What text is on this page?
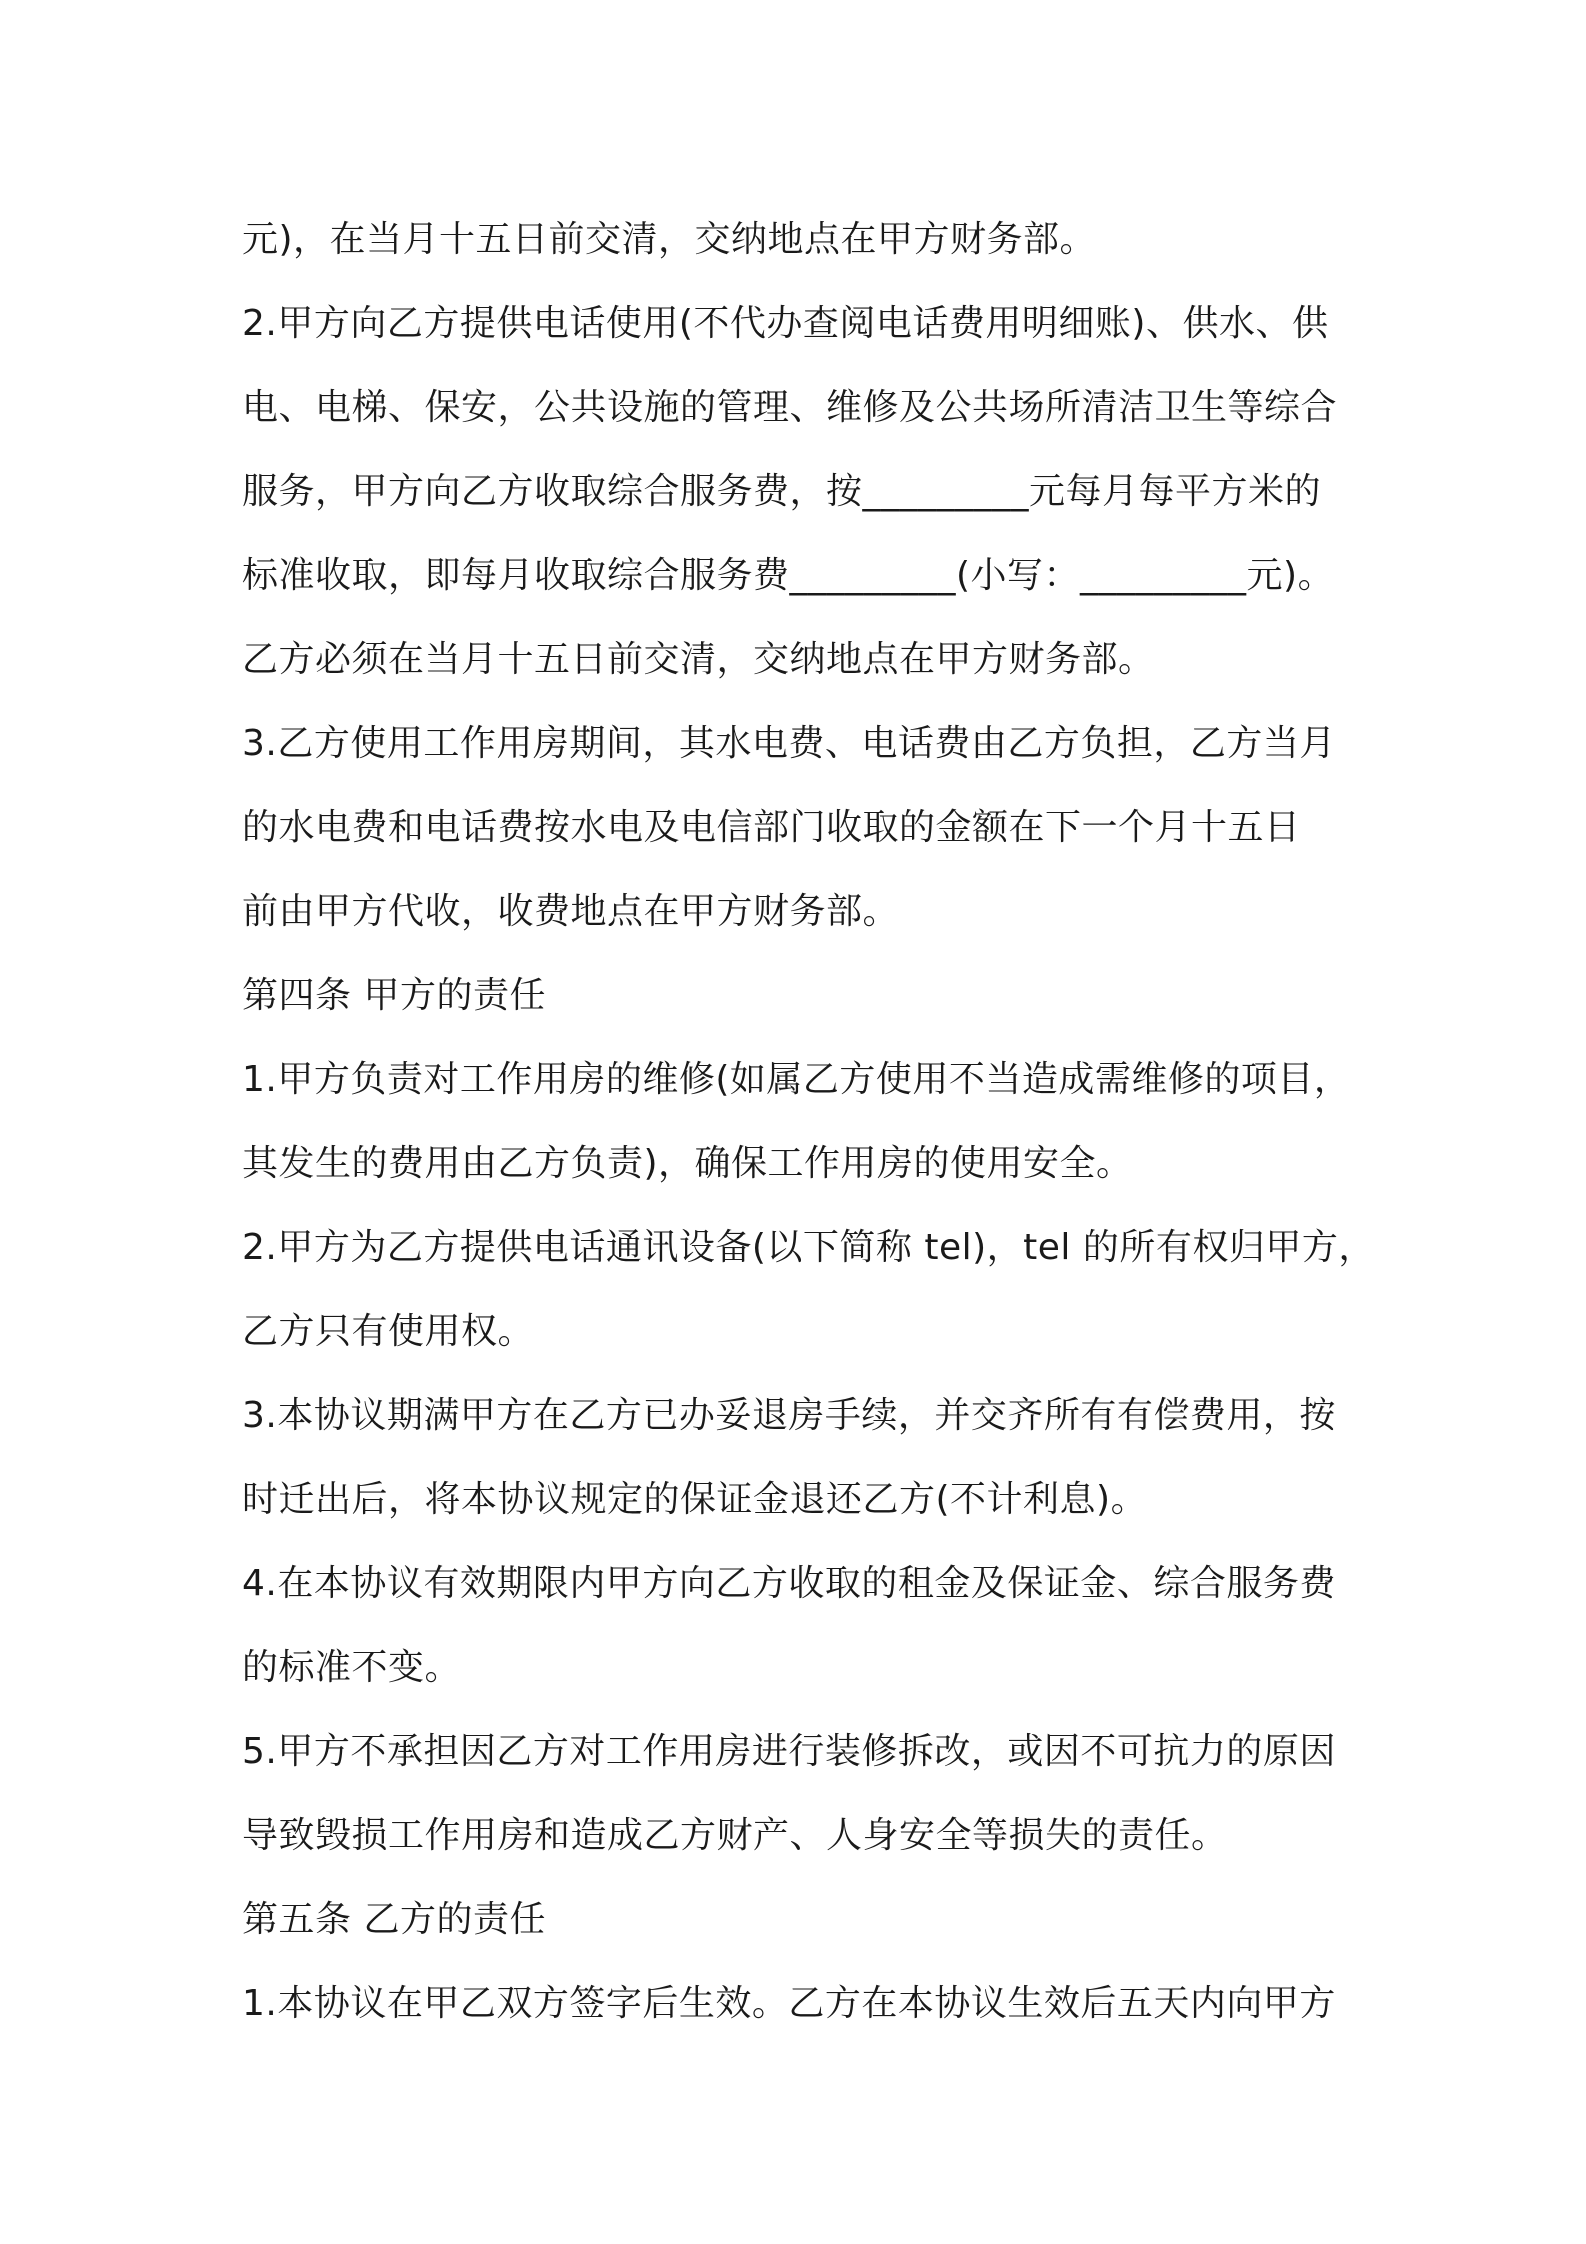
元)，在当月十五日前交清，交纳地点在甲方财务部。
2.甲方向乙方提供电话使用(不代办查阅电话费用明细账)、供水、供
电、电梯、保安，公共设施的管理、维修及公共场所清洁卫生等综合
服务，甲方向乙方收取综合服务费，按_________元每月每平方米的
标准收取，即每月收取综合服务费_________(小写：_________元)。
乙方必须在当月十五日前交清，交纳地点在甲方财务部。
3.乙方使用工作用房期间，其水电费、电话费由乙方负担，乙方当月
的水电费和电话费按水电及电信部门收取的金额在下一个月十五日
前由甲方代收，收费地点在甲方财务部。
第四条 甲方的责任
1.甲方负责对工作用房的维修(如属乙方使用不当造成需维修的项目，
其发生的费用由乙方负责)，确保工作用房的使用安全。
2.甲方为乙方提供电话通讯设备(以下简称 tel)，tel 的所有权归甲方，
乙方只有使用权。
3.本协议期满甲方在乙方已办妥退房手续，并交齐所有有偿费用，按
时迁出后，将本协议规定的保证金退还乙方(不计利息)。
4.在本协议有效期限内甲方向乙方收取的租金及保证金、综合服务费
的标准不变。
5.甲方不承担因乙方对工作用房进行装修拆改，或因不可抗力的原因
导致毁损工作用房和造成乙方财产、人身安全等损失的责任。
第五条 乙方的责任
1.本协议在甲乙双方签字后生效。乙方在本协议生效后五天内向甲方
